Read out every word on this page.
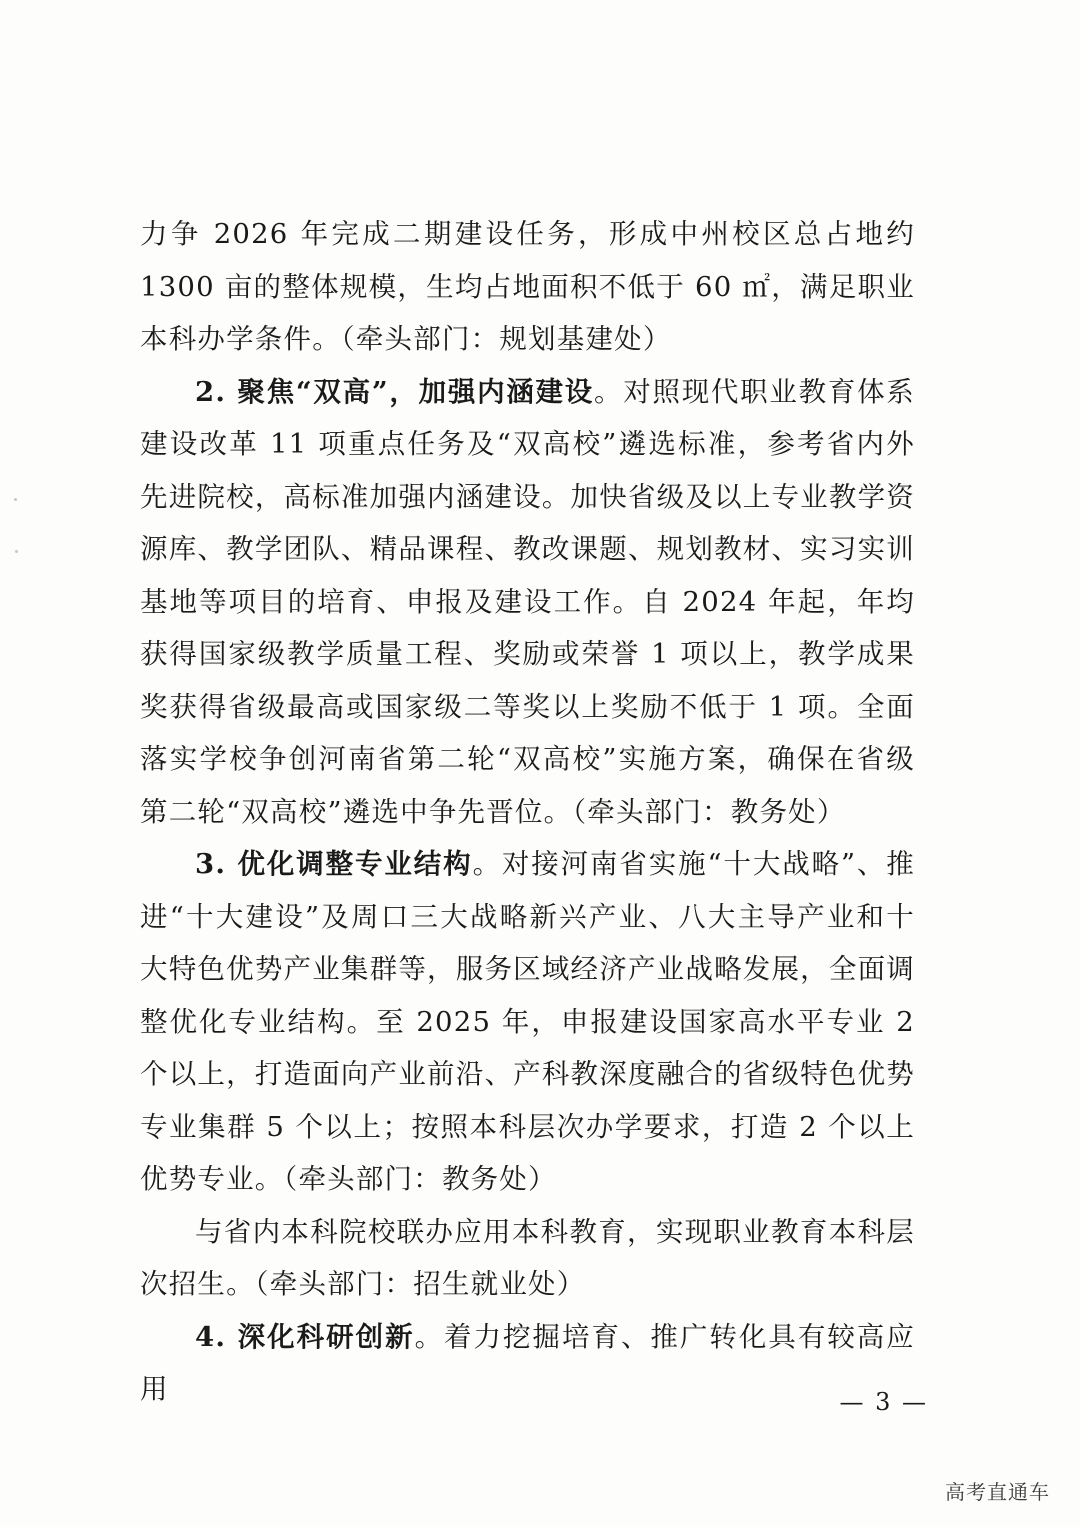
力争 2026 年完成二期建设任务，形成中州校区总占地约 1300 亩的整体规模，生均占地面积不低于 60 ㎡，满足职业本科办学条件。（牵头部门：规划基建处）

2. 聚焦“双高”，加强内涵建设。对照现代职业教育体系建设改革 11 项重点任务及“双高校”遴选标准，参考省内外先进院校，高标准加强内涵建设。加快省级及以上专业教学资源库、教学团队、精品课程、教改课题、规划教材、实习实训基地等项目的培育、申报及建设工作。自 2024 年起，年均获得国家级教学质量工程、奖励或荣誉 1 项以上，教学成果奖获得省级最高或国家级二等奖以上奖励不低于 1 项。全面落实学校争创河南省第二轮“双高校”实施方案，确保在省级第二轮“双高校”遴选中争先晋位。（牵头部门：教务处）

3. 优化调整专业结构。对接河南省实施“十大战略”、推进“十大建设”及周口三大战略新兴产业、八大主导产业和十大特色优势产业集群等，服务区域经济产业战略发展，全面调整优化专业结构。至 2025 年，申报建设国家高水平专业 2 个以上，打造面向产业前沿、产科教深度融合的省级特色优势专业集群 5 个以上；按照本科层次办学要求，打造 2 个以上优势专业。（牵头部门：教务处）

与省内本科院校联办应用本科教育，实现职业教育本科层次招生。（牵头部门：招生就业处）

4. 深化科研创新。着力挖掘培育、推广转化具有较高应用	— 3 —
高考直通车
